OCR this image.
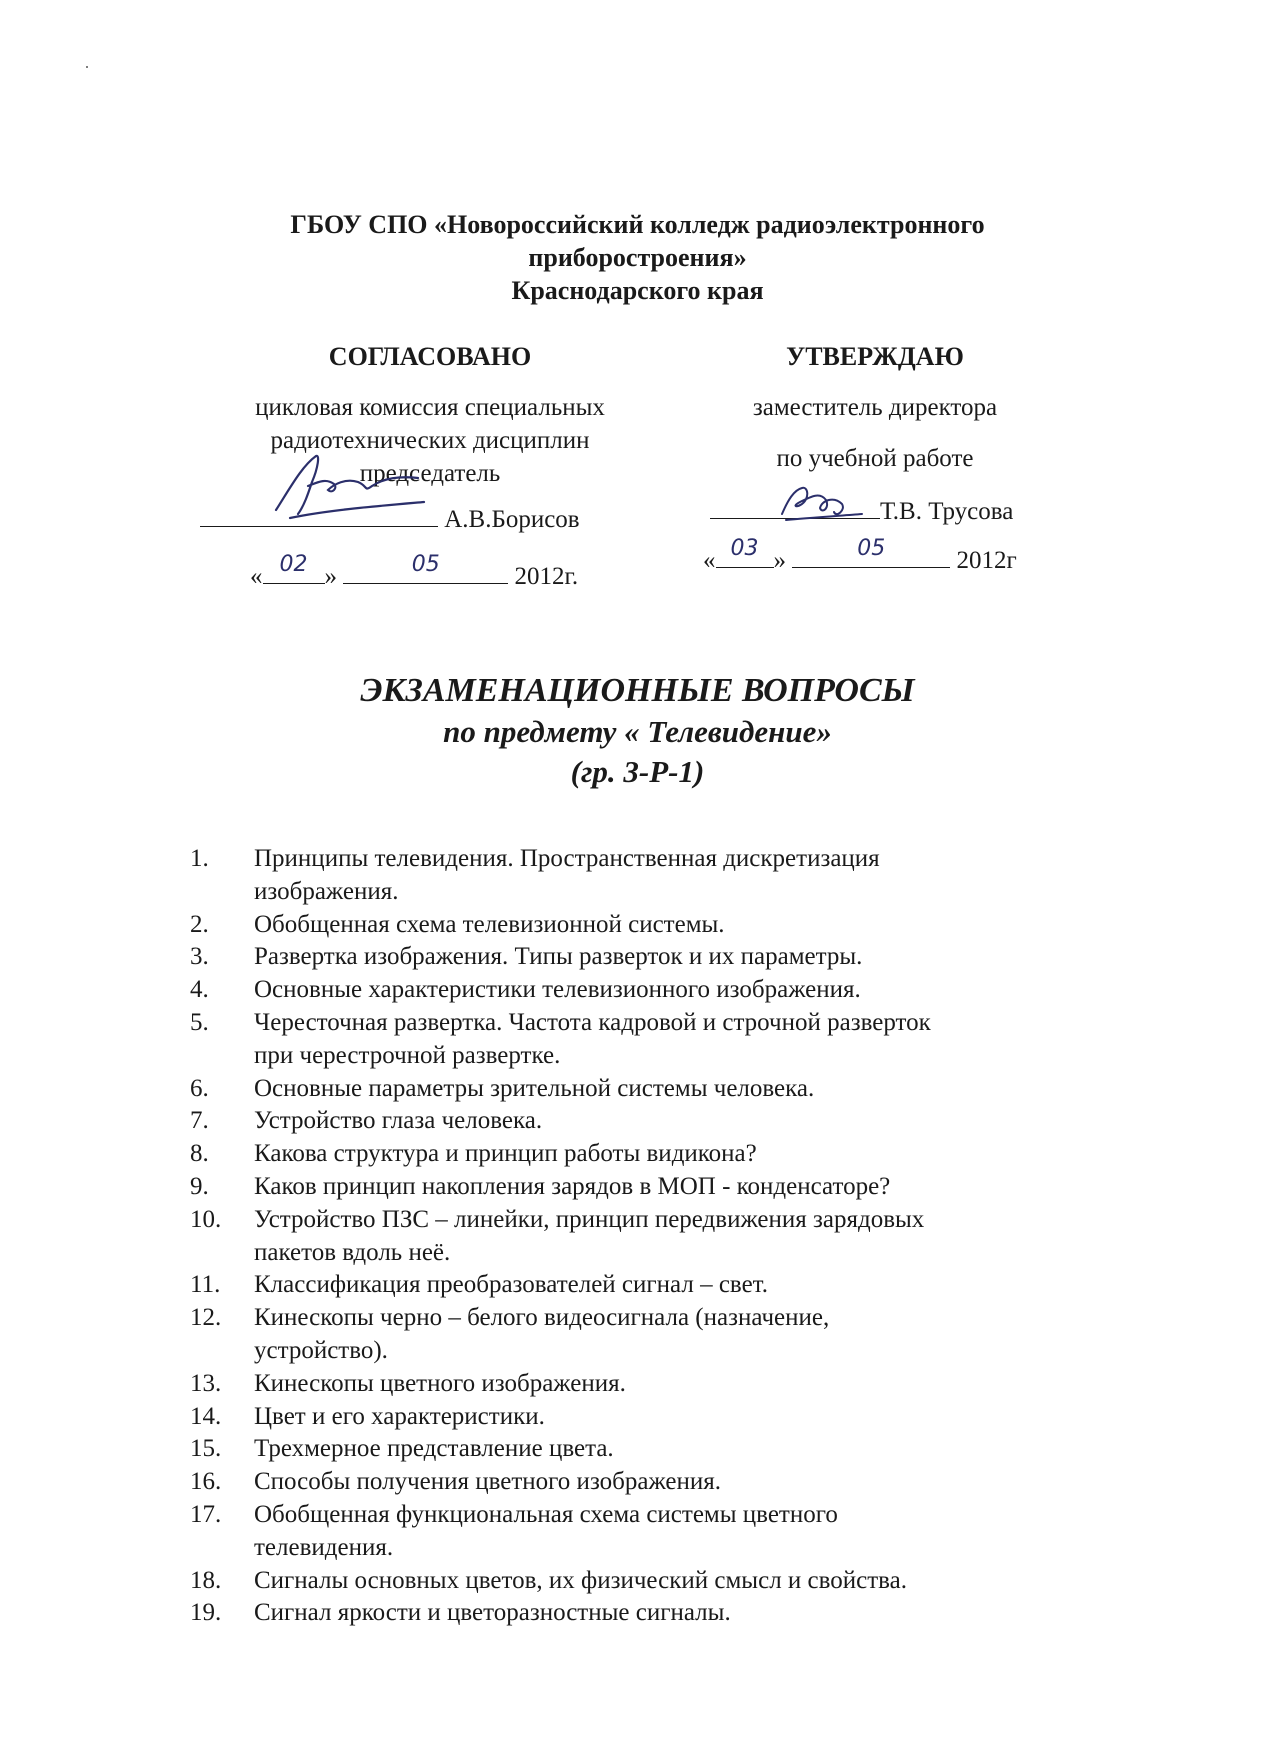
ГБОУ СПО «Новороссийский колледж радиоэлектронного
приборостроения»
Краснодарского края
СОГЛАСОВАНО
цикловая комиссия специальных
радиотехнических дисциплин
председатель
А.В.Борисов
« 02 »	05	2012г.
УТВЕРЖДАЮ
заместитель директора
по учебной работе
Т.В. Трусова
« 03 »	05	2012г
ЭКЗАМЕНАЦИОННЫЕ ВОПРОСЫ
по предмету « Телевидение»
(гр. 3-Р-1)
1.	Принципы телевидения. Пространственная дискретизация
изображения.
2.	Обобщенная схема телевизионной системы.
3.	Развертка изображения. Типы разверток и их параметры.
4.	Основные характеристики телевизионного изображения.
5.	Чересточная развертка. Частота кадровой и строчной разверток
при черестрочной развертке.
6.	Основные параметры зрительной системы человека.
7.	Устройство глаза человека.
8.	Какова структура и принцип работы видикона?
9.	Каков принцип накопления зарядов в МОП - конденсаторе?
10.	Устройство ПЗС – линейки, принцип передвижения зарядовых
пакетов вдоль неё.
11.	Классификация преобразователей сигнал – свет.
12.	Кинескопы черно – белого видеосигнала (назначение,
устройство).
13.	Кинескопы цветного изображения.
14.	Цвет и его характеристики.
15.	Трехмерное представление цвета.
16.	Способы получения цветного изображения.
17.	Обобщенная функциональная схема системы цветного
телевидения.
18.	Сигналы основных цветов, их физический смысл и свойства.
19.	Сигнал яркости и цветоразностные сигналы.
